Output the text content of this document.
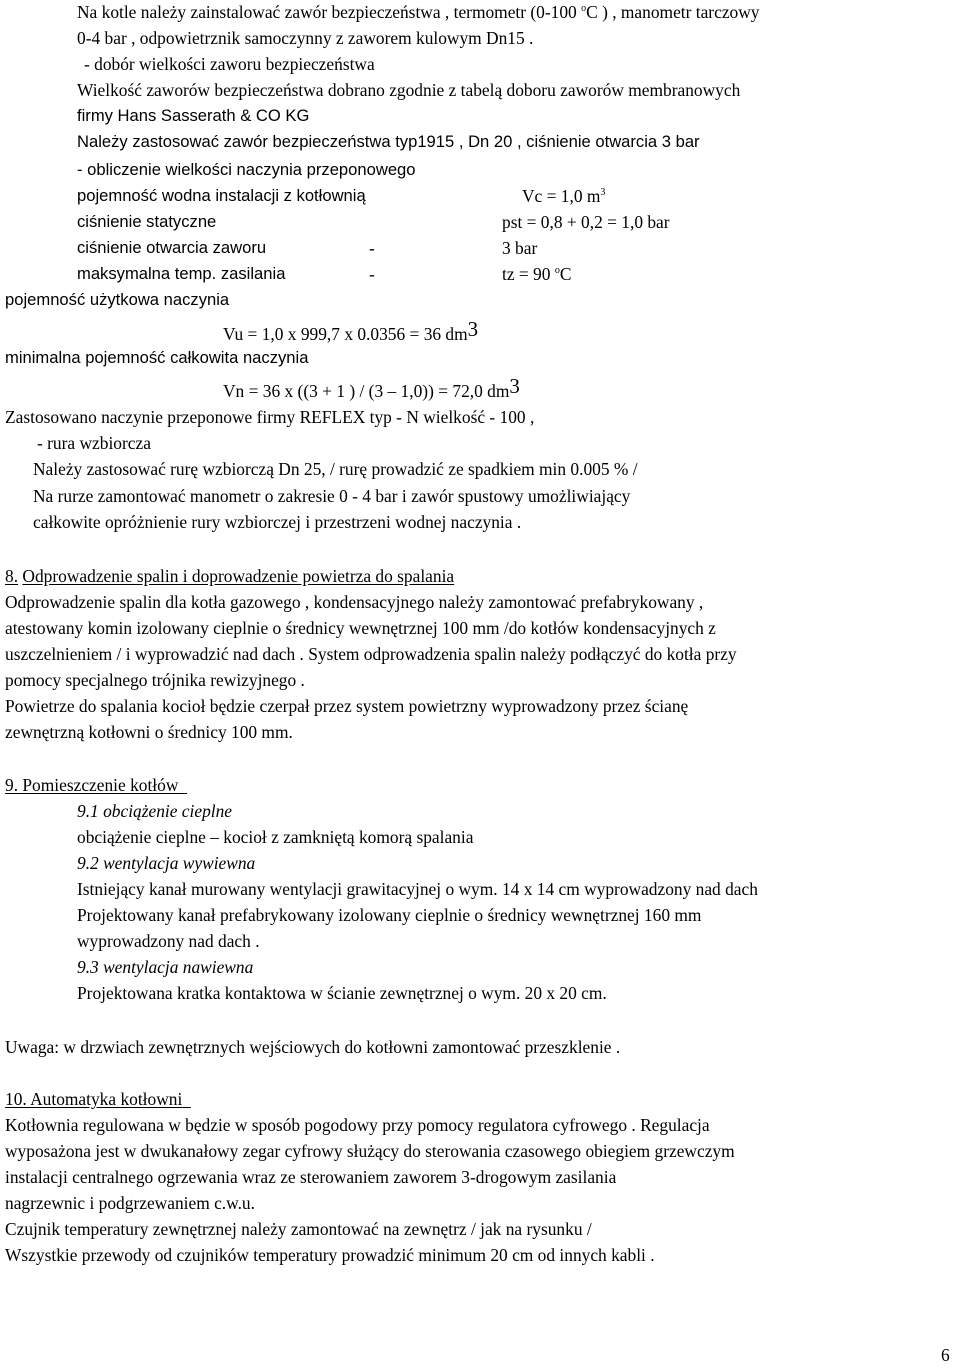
Na kotle należy zainstalować zawór bezpieczeństwa , termometr (0-100 $^o$C ) , manometr tarczowy
0-4 bar , odpowietrznik samoczynny z zaworem kulowym Dn15 .
- dobór wielkości zaworu bezpieczeństwa
Wielkość zaworów bezpieczeństwa dobrano zgodnie z tabelą doboru zaworów membranowych
firmy Hans Sasserath & CO KG
Należy zastosować zawór bezpieczeństwa typ1915 , Dn 20 , ciśnienie otwarcia 3 bar
- obliczenie wielkości naczynia przeponowego
pojemność wodna instalacji z kotłownią	Vc = 1,0 $m^3$
ciśnienie statyczne	pst = 0,8 + 0,2 = 1,0 bar
ciśnienie otwarcia zaworu	-	3 bar
maksymalna temp. zasilania	-	tz = 90 $^o$C
pojemność użytkowa naczynia
Vu = 1,0 x 999,7 x 0.0356 = 36 dm3
minimalna pojemność całkowita naczynia
Vn = 36 x ((3 + 1 ) / (3 – 1,0)) = 72,0 dm3
Zastosowano naczynie przeponowe firmy REFLEX typ - N wielkość - 100 ,
- rura wzbiorcza
Należy zastosować rurę wzbiorczą Dn 25, / rurę prowadzić ze spadkiem min 0.005 % /
Na rurze zamontować manometr o zakresie 0 - 4 bar i zawór spustowy umożliwiający
całkowite opróżnienie rury wzbiorczej i przestrzeni wodnej naczynia .
8. Odprowadzenie spalin i doprowadzenie powietrza do spalania
Odprowadzenie spalin dla kotła gazowego , kondensacyjnego należy zamontować prefabrykowany ,
atestowany komin izolowany cieplnie o średnicy wewnętrznej 100 mm /do kotłów kondensacyjnych z
uszczelnieniem / i wyprowadzić nad dach . System odprowadzenia spalin należy podłączyć do kotła przy
pomocy specjalnego trójnika rewizyjnego .
Powietrze do spalania kocioł będzie czerpał przez system powietrzny wyprowadzony przez ścianę
zewnętrzną kotłowni o średnicy 100 mm.
9. Pomieszczenie kotłów
9.1 obciążenie cieplne
obciążenie cieplne – kocioł z zamkniętą komorą spalania
9.2 wentylacja wywiewna
Istniejący kanał murowany wentylacji grawitacyjnej o wym. 14 x 14 cm wyprowadzony nad dach
Projektowany kanał prefabrykowany izolowany cieplnie o średnicy wewnętrznej 160 mm
wyprowadzony nad dach .
9.3 wentylacja nawiewna
Projektowana kratka kontaktowa w ścianie zewnętrznej o wym. 20 x 20 cm.
Uwaga: w drzwiach zewnętrznych wejściowych do kotłowni zamontować przeszklenie .
10. Automatyka kotłowni
Kotłownia regulowana w będzie w sposób pogodowy przy pomocy regulatora cyfrowego . Regulacja
wyposażona jest w dwukanałowy zegar cyfrowy służący do sterowania czasowego obiegiem grzewczym
instalacji centralnego ogrzewania wraz ze sterowaniem zaworem 3-drogowym zasilania
nagrzewnic i podgrzewaniem c.w.u.
Czujnik temperatury zewnętrznej należy zamontować na zewnętrz / jak na rysunku /
Wszystkie przewody od czujników temperatury prowadzić minimum 20 cm od innych kabli .
6
